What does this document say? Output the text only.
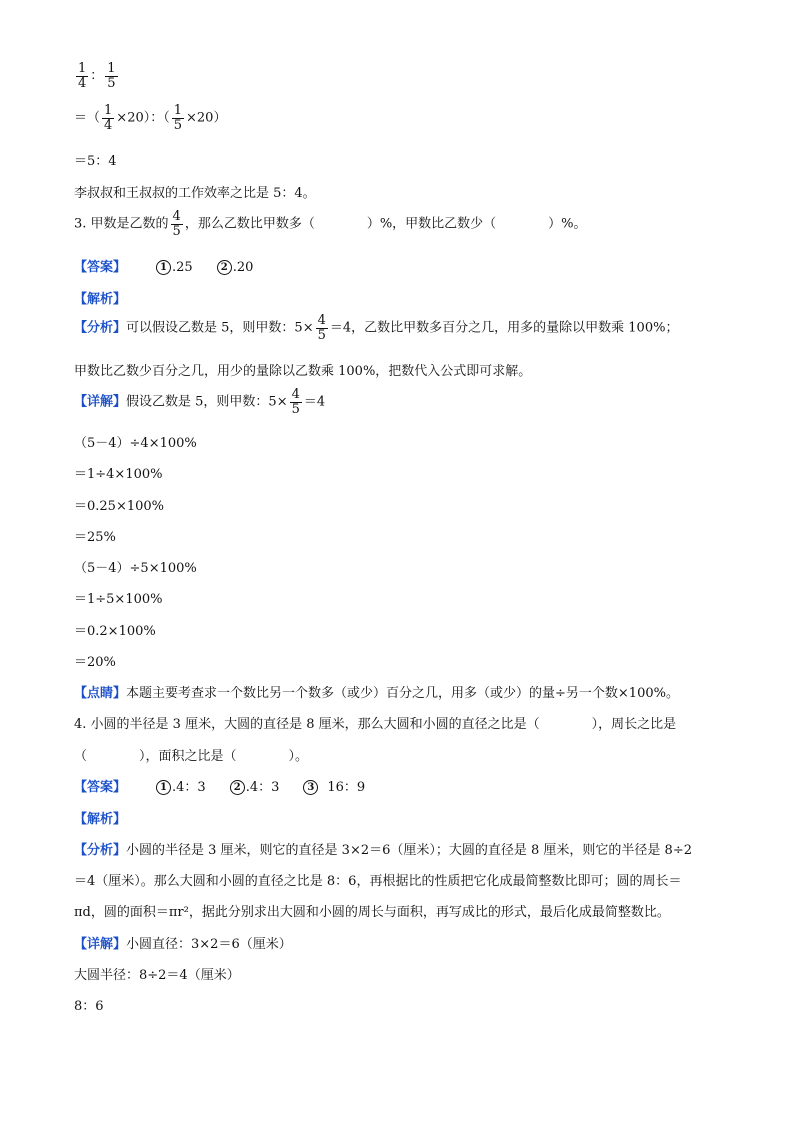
$\frac{1}{4}$ ： $\frac{1}{5}$
＝（ $\frac{1}{4} \times 20$）：（ $\frac{1}{5} \times 20$）
＝5：4
李叔叔和王叔叔的工作效率之比是 5：4。
3. 甲数是乙数的 $\frac{4}{5}$ ，那么乙数比甲数多（　　　　）%，甲数比乙数少（　　　　）%。
【答案】	1 .25	2 .20
【解析】
【分析】可以假设乙数是 5，则甲数：$5\times \frac{4}{5} =4$，乙数比甲数多百分之几，用多的量除以甲数乘 100%；
甲数比乙数少百分之几，用少的量除以乙数乘 100%，把数代入公式即可求解。
【详解】假设乙数是 5，则甲数：$5\times \frac{4}{5} =4$
（5－4）÷4×100%
＝1÷4×100%
＝0.25×100%
＝25%
（5－4）÷5×100%
＝1÷5×100%
＝0.2×100%
＝20%
【点睛】本题主要考查求一个数比另一个数多（或少）百分之几，用多（或少）的量÷另一个数×100%。
4. 小圆的半径是 3 厘米，大圆的直径是 8 厘米，那么大圆和小圆的直径之比是（　　　　），周长之比是
（　　　　），面积之比是（　　　　）。
【答案】	1 .4：3	2 .4：3	3 16：9
【解析】
【分析】小圆的半径是 3 厘米，则它的直径是 3×2＝6（厘米）；大圆的直径是 8 厘米，则它的半径是 8÷2
＝4（厘米）。那么大圆和小圆的直径之比是 8：6，再根据比的性质把它化成最简整数比即可；圆的周长＝
πd，圆的面积＝πr²，据此分别求出大圆和小圆的周长与面积，再写成比的形式，最后化成最简整数比。
【详解】小圆直径：3×2＝6（厘米）
大圆半径：8÷2＝4（厘米）
8：6
